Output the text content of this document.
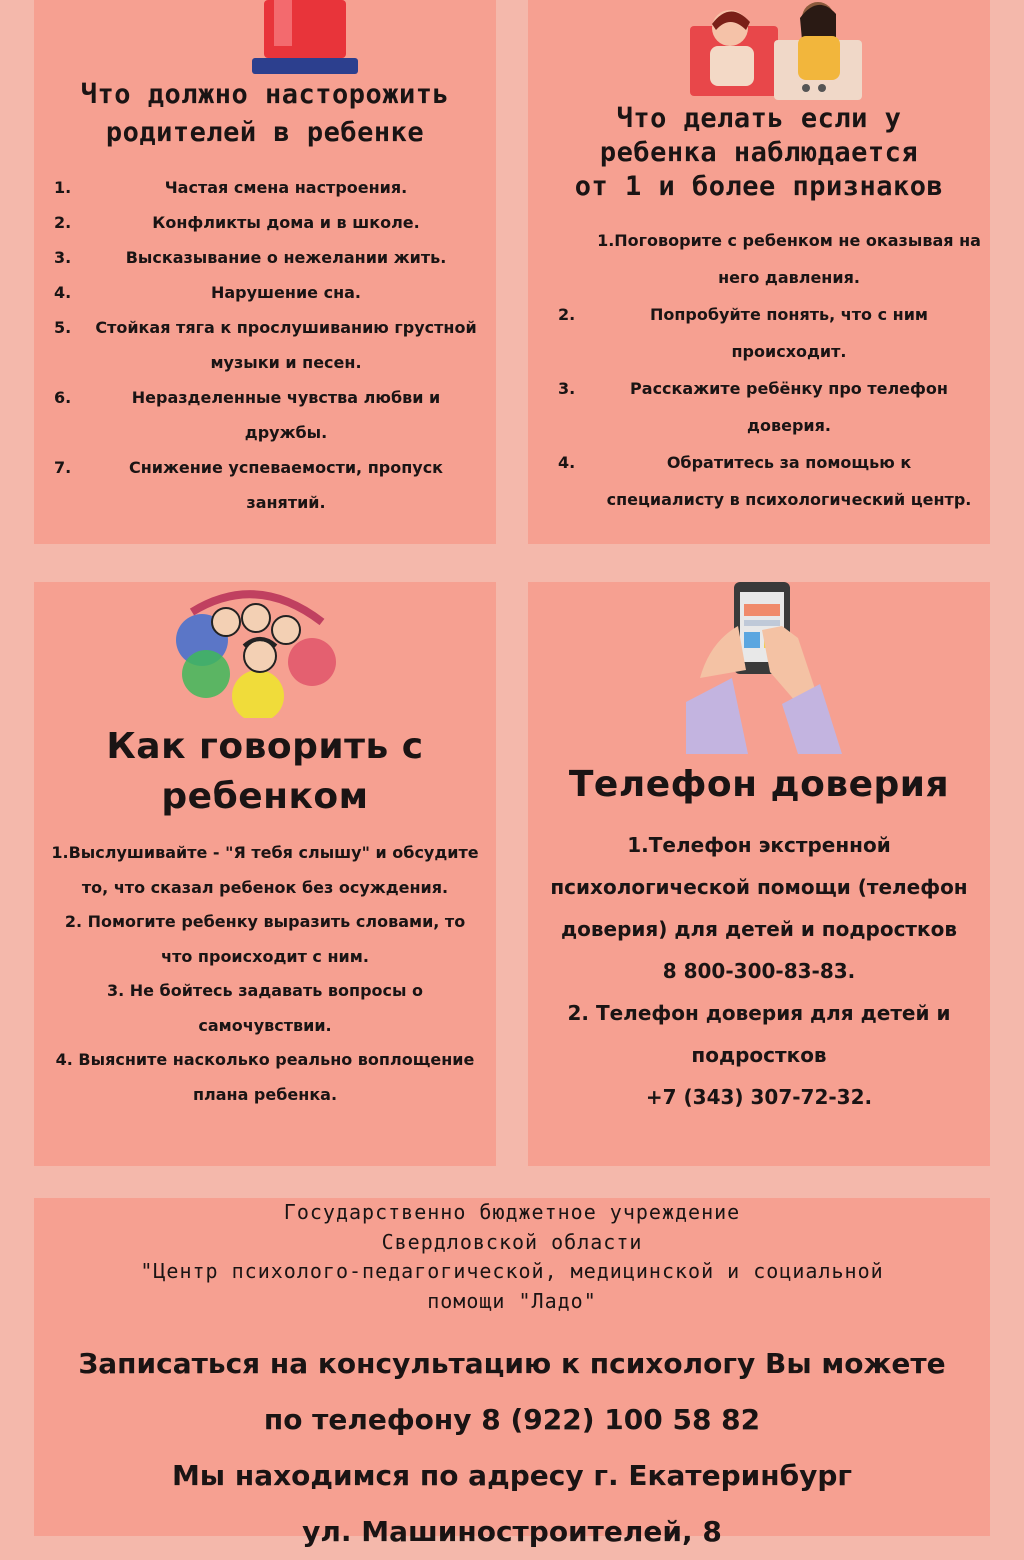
Что должно насторожить
родителей в ребенке
1.	Частая смена настроения.
2.	Конфликты дома и в школе.
3.	Высказывание о нежелании жить.
4.	Нарушение сна.
5.	Стойкая тяга к прослушиванию грустной
музыки и песен.
6.	Неразделенные чувства любви и
дружбы.
7.	Снижение успеваемости, пропуск
занятий.
Что делать если у
ребенка наблюдается
от 1 и более признаков
1.Поговорите с ребенком не оказывая на
него давления.
2.	Попробуйте понять, что с ним
происходит.
3.	Расскажите ребёнку про телефон
доверия.
4.	Обратитесь за помощью к
специалисту в психологический центр.
Как говорить с
ребенком
1.Выслушивайте - "Я тебя слышу" и обсудите
то, что сказал ребенок без осуждения.
2. Помогите ребенку выразить словами, то
что происходит с ним.
3. Не бойтесь задавать вопросы о
самочувствии.
4. Выясните насколько реально воплощение
плана ребенка.
Телефон доверия
1.Телефон экстренной
психологической помощи (телефон
доверия) для детей и подростков
8 800-300-83-83.
2. Телефон доверия для детей и
подростков
+7 (343) 307-72-32.
Государственно бюджетное учреждение
Свердловской области
"Центр психолого-педагогической, медицинской и социальной
помощи "Ладо"
Записаться на консультацию к психологу Вы можете
по телефону 8 (922) 100 58 82
Мы находимся по адресу г. Екатеринбург
ул. Машиностроителей, 8
